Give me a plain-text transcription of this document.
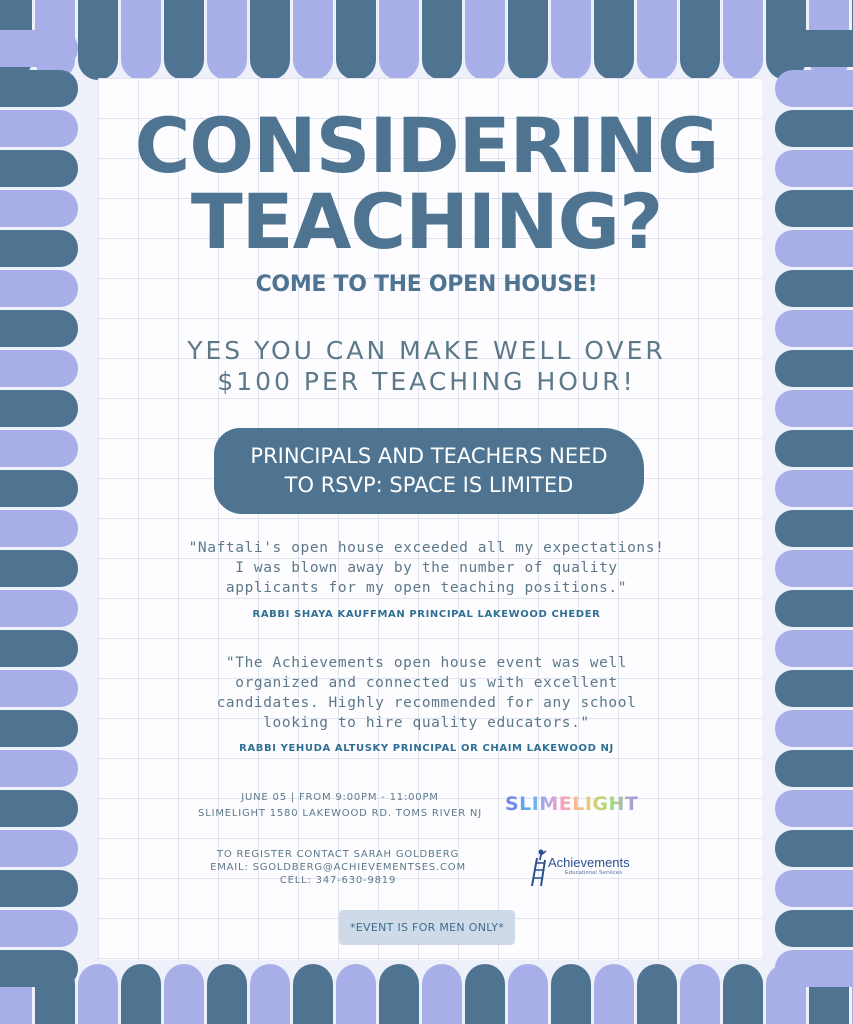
CONSIDERING
TEACHING?
COME TO THE OPEN HOUSE!
YES YOU CAN MAKE WELL OVER
$100 PER TEACHING HOUR!
PRINCIPALS AND TEACHERS NEED
TO RSVP: SPACE IS LIMITED
"Naftali's open house exceeded all my expectations!
I was blown away by the number of quality
applicants for my open teaching positions."
RABBI SHAYA KAUFFMAN PRINCIPAL LAKEWOOD CHEDER
"The Achievements open house event was well
organized and connected us with excellent
candidates. Highly recommended for any school
looking to hire quality educators."
RABBI YEHUDA ALTUSKY PRINCIPAL OR CHAIM LAKEWOOD NJ
JUNE 05 | FROM 9:00PM - 11:00PM
SLIMELIGHT 1580 LAKEWOOD RD. TOMS RIVER NJ	SLIMELIGHT
TO REGISTER CONTACT SARAH GOLDBERG
EMAIL: SGOLDBERG@ACHIEVEMENTSES.COM
CELL: 347-630-9819
Achievements
Educational Services
*EVENT IS FOR MEN ONLY*
